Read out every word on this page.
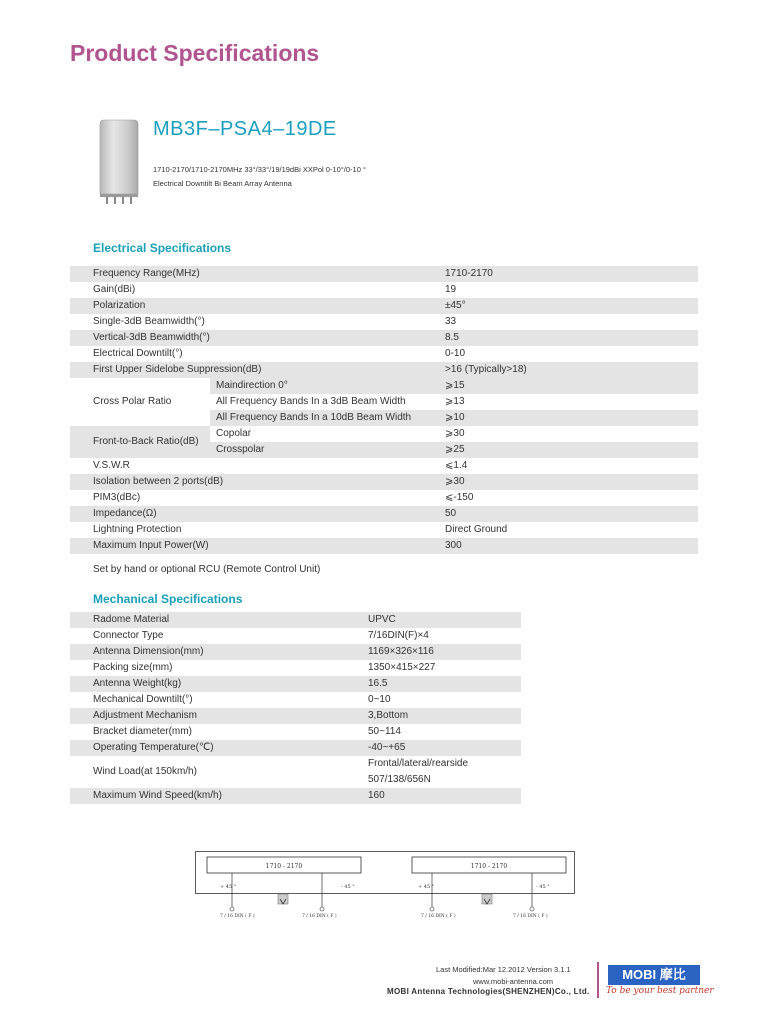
Product Specifications
MB3F–PSA4–19DE
1710-2170/1710-2170MHz 33°/33°/19/19dBi XXPol 0-10°/0-10 °
Electrical Downtilt Bi Beam Array Antenna
Electrical Specifications
Frequency Range(MHz)		1710-2170
Gain(dBi)		19
Polarization		±45°
Single-3dB Beamwidth(°)		33
Vertical-3dB Beamwidth(°)		8.5
Electrical Downtilt(°)		0-10
First Upper Sidelobe Suppression(dB)		>16 (Typically>18)
Cross Polar Ratio	Maindirection 0°	⩾15
	All Frequency Bands In a 3dB Beam Width	⩾13
	All Frequency Bands In a 10dB Beam Width	⩾10
Front-to-Back Ratio(dB)	Copolar	⩾30
	Crosspolar	⩾25
V.S.W.R		⩽1.4
Isolation between 2 ports(dB)		⩾30
PIM3(dBc)		⩽-150
Impedance(Ω)		50
Lightning Protection		Direct Ground
Maximum Input Power(W)		300
Set by hand or optional RCU (Remote Control Unit)
Mechanical Specifications
Radome Material	UPVC
Connector Type	7/16DIN(F)×4
Antenna Dimension(mm)	1169×326×116
Packing size(mm)	1350×415×227
Antenna Weight(kg)	16.5
Mechanical Downtilt(°)	0~10
Adjustment Mechanism	3,Bottom
Bracket diameter(mm)	50~114
Operating Temperature(℃)	-40~+65
Wind Load(at 150km/h)	Frontal/lateral/rearside
	507/138/656N
Maximum Wind Speed(km/h)	160
1710 - 2170
+ 45 °	- 45 °
7 / 16 DIN ( F )	7 / 16 DIN ( F )
1710 - 2170
+ 45 °	- 45 °
7 / 16 DIN ( F )	7 / 16 DIN ( F )
Last Modified:Mar 12.2012 Version 3.1.1
www.mobi-antenna.com
MOBI Antenna Technologies(SHENZHEN)Co., Ltd.
MOBI 摩比
To be your best partner
